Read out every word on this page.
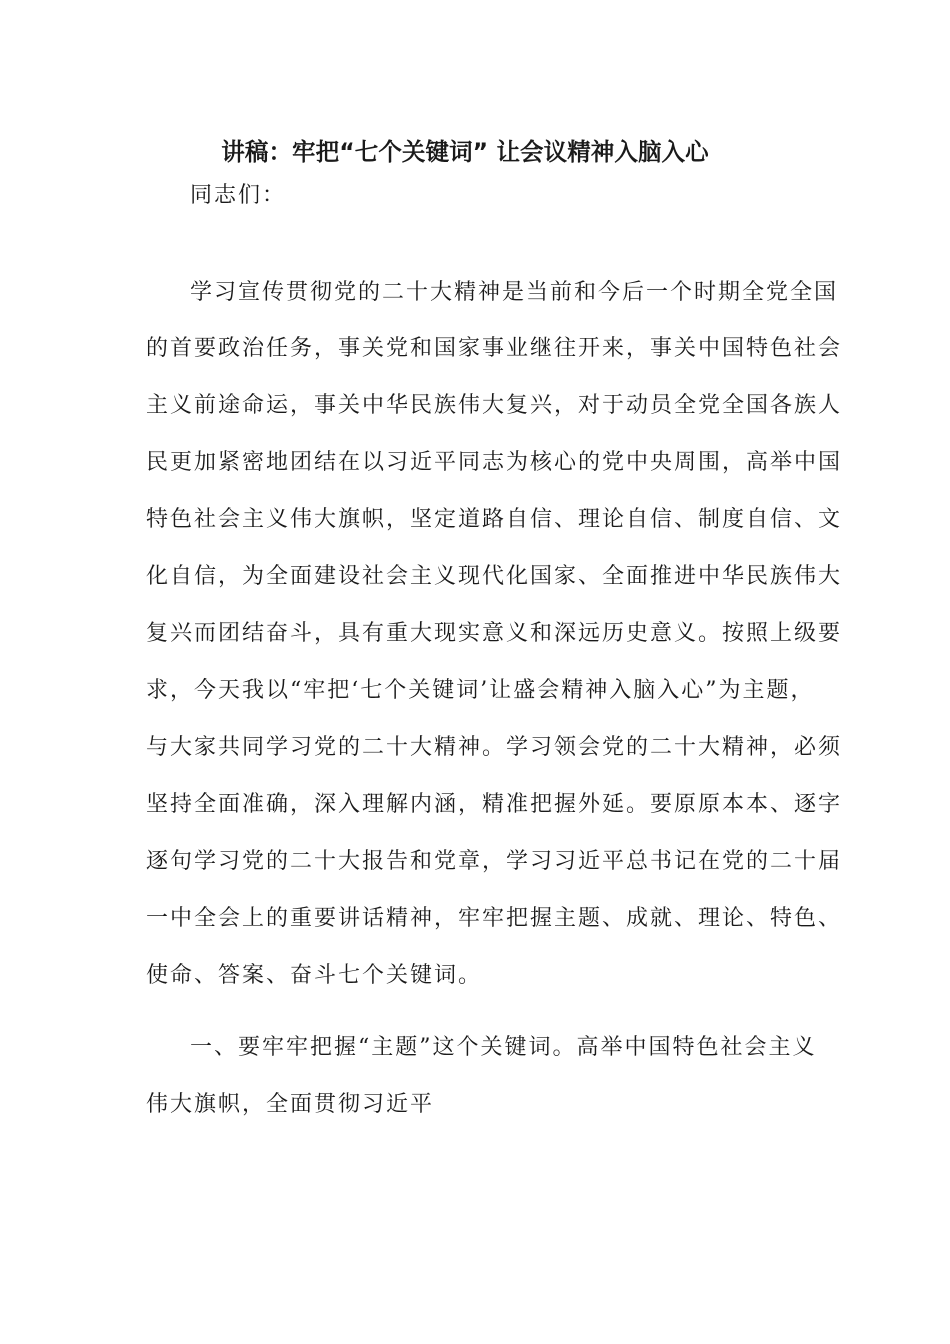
讲稿：牢把“七个关键词” 让会议精神入脑入心
同志们：
学习宣传贯彻党的二十大精神是当前和今后一个时期全党全国
的首要政治任务，事关党和国家事业继往开来，事关中国特色社会
主义前途命运，事关中华民族伟大复兴，对于动员全党全国各族人
民更加紧密地团结在以习近平同志为核心的党中央周围，高举中国
特色社会主义伟大旗帜，坚定道路自信、理论自信、制度自信、文
化自信，为全面建设社会主义现代化国家、全面推进中华民族伟大
复兴而团结奋斗，具有重大现实意义和深远历史意义。按照上级要
求，今天我以“牢把‘七个关键词’让盛会精神入脑入心”为主题，
与大家共同学习党的二十大精神。学习领会党的二十大精神，必须
坚持全面准确，深入理解内涵，精准把握外延。要原原本本、逐字
逐句学习党的二十大报告和党章，学习习近平总书记在党的二十届
一中全会上的重要讲话精神，牢牢把握主题、成就、理论、特色、
使命、答案、奋斗七个关键词。
一、要牢牢把握“主题”这个关键词。高举中国特色社会主义
伟大旗帜，全面贯彻习近平
